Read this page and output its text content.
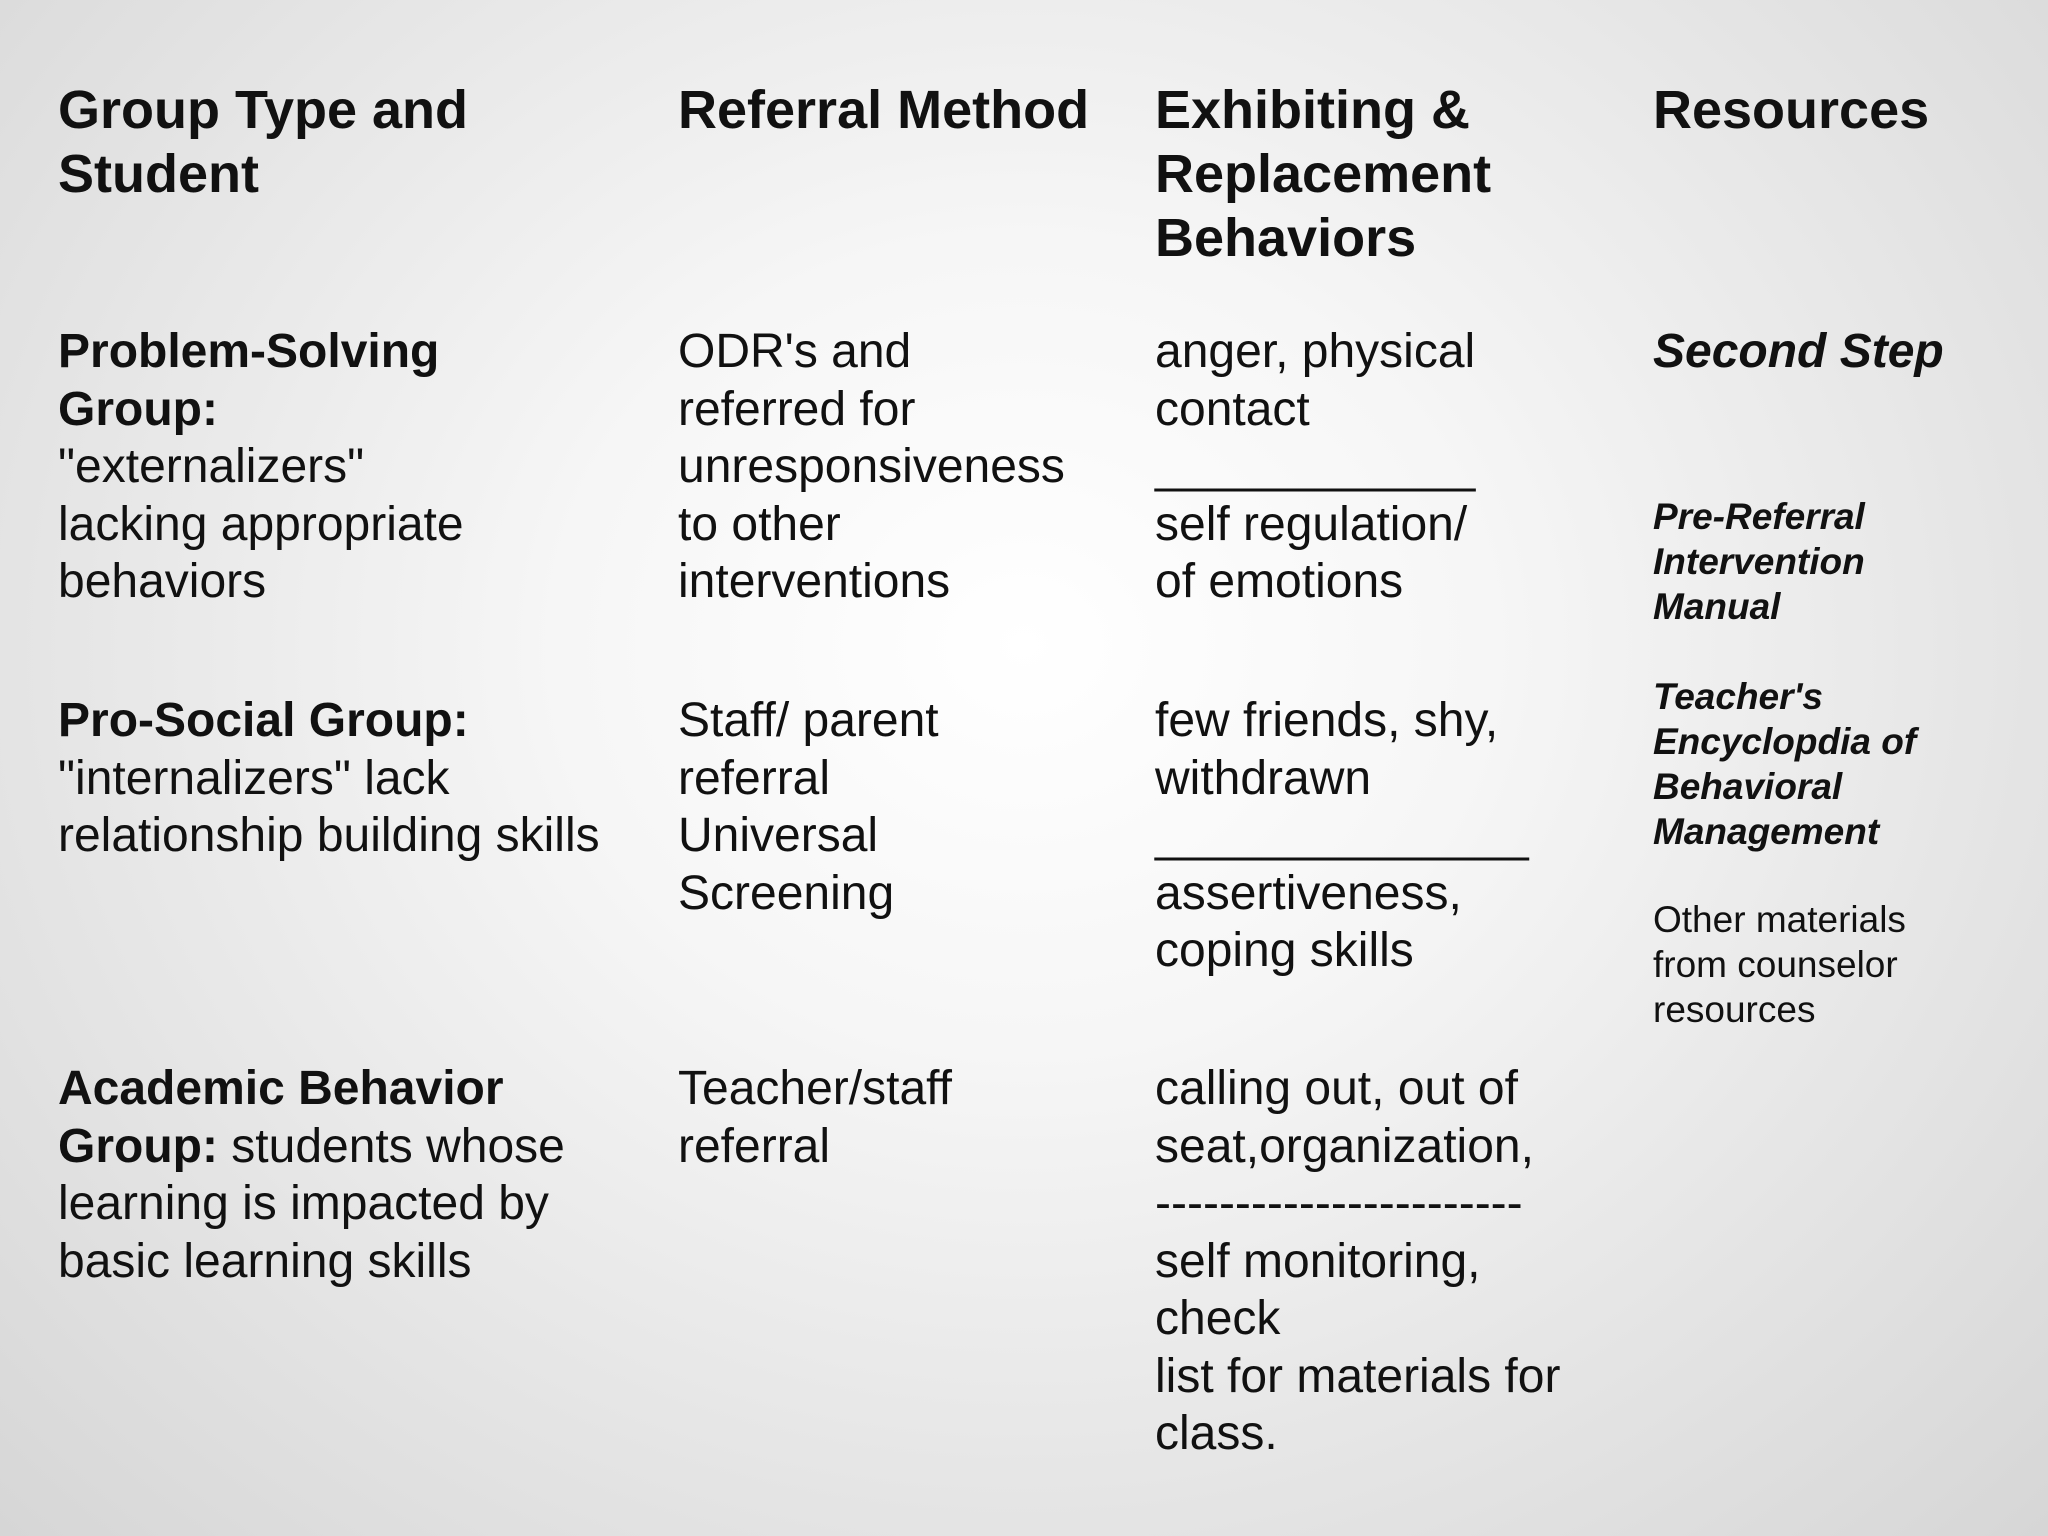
Group Type and
Student
Referral Method	Exhibiting &
Replacement
Behaviors
Resources
Problem-Solving
Group:
"externalizers"
lacking appropriate
behaviors
ODR's and
referred for
unresponsiveness
to other
interventions
anger, physical
contact
____________
self regulation/
of emotions
Pro-Social Group:
"internalizers" lack
relationship building skills
Staff/ parent
referral
Universal
Screening
few friends, shy,
withdrawn
______________
assertiveness,
coping skills
Academic Behavior
Group: students whose
learning is impacted by
basic learning skills
Teacher/staff
referral
calling out, out of
seat,organization,
-----------------------
self monitoring,
check
list for materials for
class.
Second Step
Pre-Referral
Intervention
Manual
Teacher's
Encyclopdia of
Behavioral
Management
Other materials
from counselor
resources
